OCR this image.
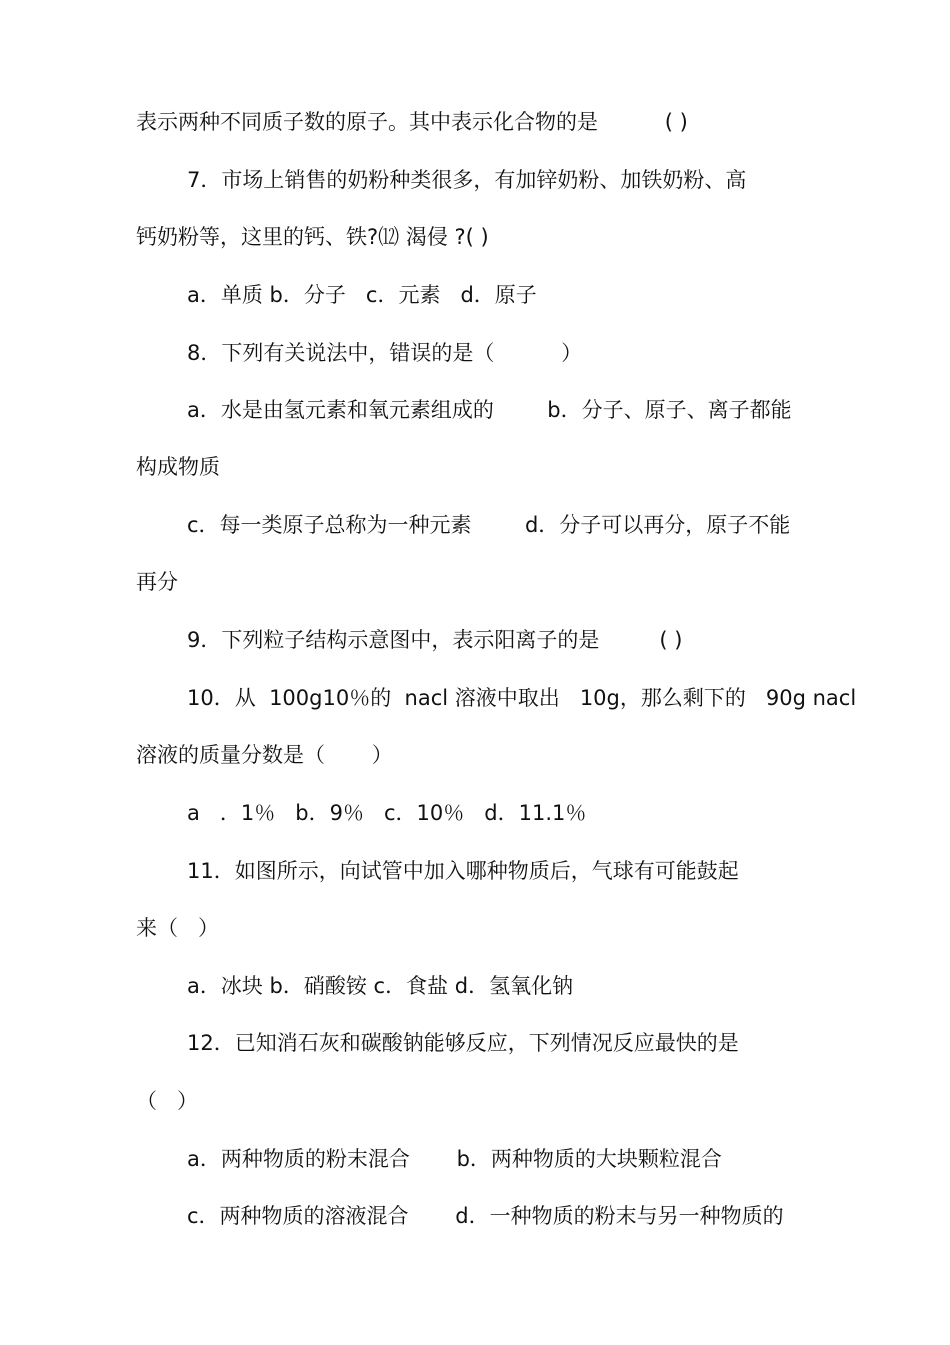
表示两种不同质子数的原子。其中表示化合物的是          ( )
7．市场上销售的奶粉种类很多，有加锌奶粉、加铁奶粉、高
钙奶粉等，这里的钙、铁?⑿ 渴侵 ?( )
a．单质 b．分子   c．元素   d．原子
8．下列有关说法中，错误的是（          ）
a．水是由氢元素和氧元素组成的        b．分子、原子、离子都能
构成物质
c．每一类原子总称为一种元素        d．分子可以再分，原子不能
再分
9．下列粒子结构示意图中，表示阳离子的是         ( )
10．从  100g10％的  nacl 溶液中取出   10g，那么剩下的   90g nacl
溶液的质量分数是（       ）
a   ．1％   b．9％   c．10％   d．11.1％
11．如图所示，向试管中加入哪种物质后，气球有可能鼓起
来（   ）
a．冰块 b．硝酸铵 c．食盐 d．氢氧化钠
12．已知消石灰和碳酸钠能够反应，下列情况反应最快的是
（   ）
a．两种物质的粉末混合       b．两种物质的大块颗粒混合
c．两种物质的溶液混合       d．一种物质的粉末与另一种物质的
